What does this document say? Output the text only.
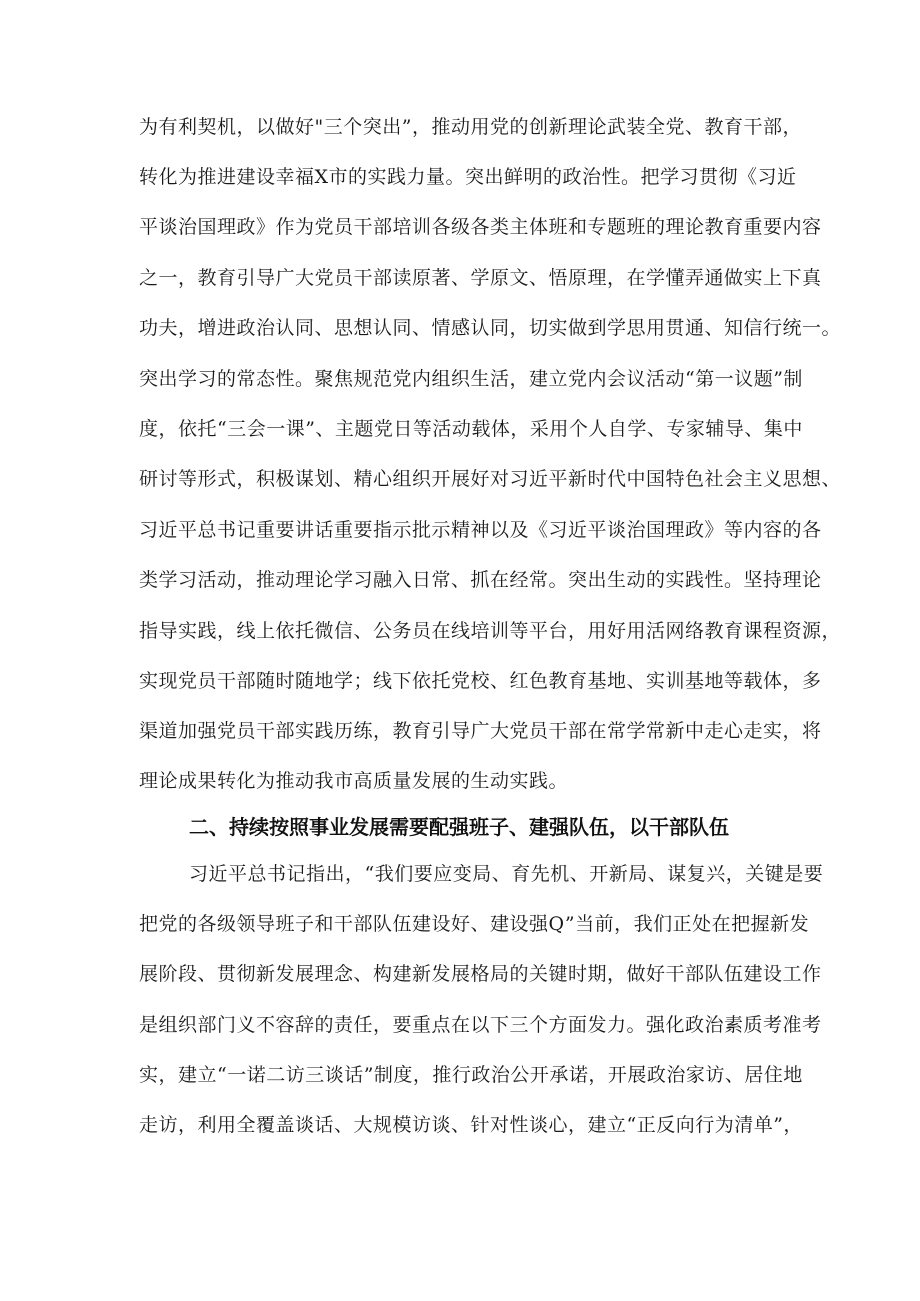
为有利契机，以做好"三个突出”，推动用党的创新理论武装全党、教育干部，
转化为推进建设幸福X市的实践力量。突出鲜明的政治性。把学习贯彻《习近
平谈治国理政》作为党员干部培训各级各类主体班和专题班的理论教育重要内容
之一，教育引导广大党员干部读原著、学原文、悟原理，在学懂弄通做实上下真
功夫，增进政治认同、思想认同、情感认同，切实做到学思用贯通、知信行统一。
突出学习的常态性。聚焦规范党内组织生活，建立党内会议活动“第一议题”制
度，依托“三会一课”、主题党日等活动载体，采用个人自学、专家辅导、集中
研讨等形式，积极谋划、精心组织开展好对习近平新时代中国特色社会主义思想、
习近平总书记重要讲话重要指示批示精神以及《习近平谈治国理政》等内容的各
类学习活动，推动理论学习融入日常、抓在经常。突出生动的实践性。坚持理论
指导实践，线上依托微信、公务员在线培训等平台，用好用活网络教育课程资源，
实现党员干部随时随地学；线下依托党校、红色教育基地、实训基地等载体，多
渠道加强党员干部实践历练，教育引导广大党员干部在常学常新中走心走实，将
理论成果转化为推动我市高质量发展的生动实践。
二、持续按照事业发展需要配强班子、建强队伍，以干部队伍
习近平总书记指出，“我们要应变局、育先机、开新局、谋复兴，关键是要
把党的各级领导班子和干部队伍建设好、建设强Q”当前，我们正处在把握新发
展阶段、贯彻新发展理念、构建新发展格局的关键时期，做好干部队伍建设工作
是组织部门义不容辞的责任，要重点在以下三个方面发力。强化政治素质考准考
实，建立“一诺二访三谈话”制度，推行政治公开承诺，开展政治家访、居住地
走访，利用全覆盖谈话、大规模访谈、针对性谈心，建立“正反向行为清单”，
